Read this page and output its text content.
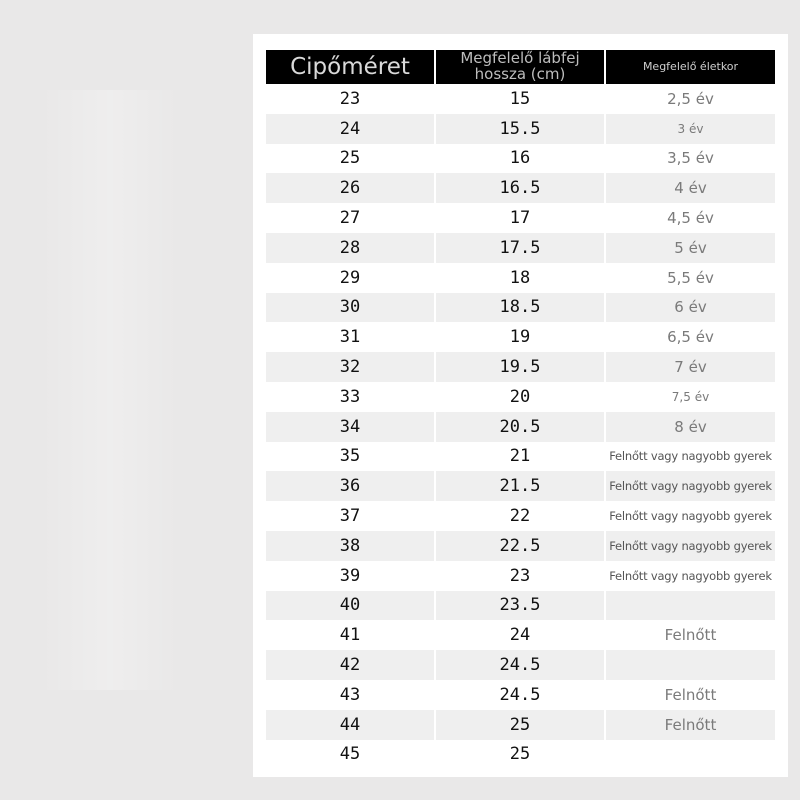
Cipőméret	Megfelelő lábfej hossza (cm)	Megfelelő életkor
23	15	2,5 év
24	15.5	3 év
25	16	3,5 év
26	16.5	4 év
27	17	4,5 év
28	17.5	5 év
29	18	5,5 év
30	18.5	6 év
31	19	6,5 év
32	19.5	7 év
33	20	7,5 év
34	20.5	8 év
35	21	Felnőtt vagy nagyobb gyerek
36	21.5	Felnőtt vagy nagyobb gyerek
37	22	Felnőtt vagy nagyobb gyerek
38	22.5	Felnőtt vagy nagyobb gyerek
39	23	Felnőtt vagy nagyobb gyerek
40	23.5	
41	24	Felnőtt
42	24.5	
43	24.5	Felnőtt
44	25	Felnőtt
45	25	
